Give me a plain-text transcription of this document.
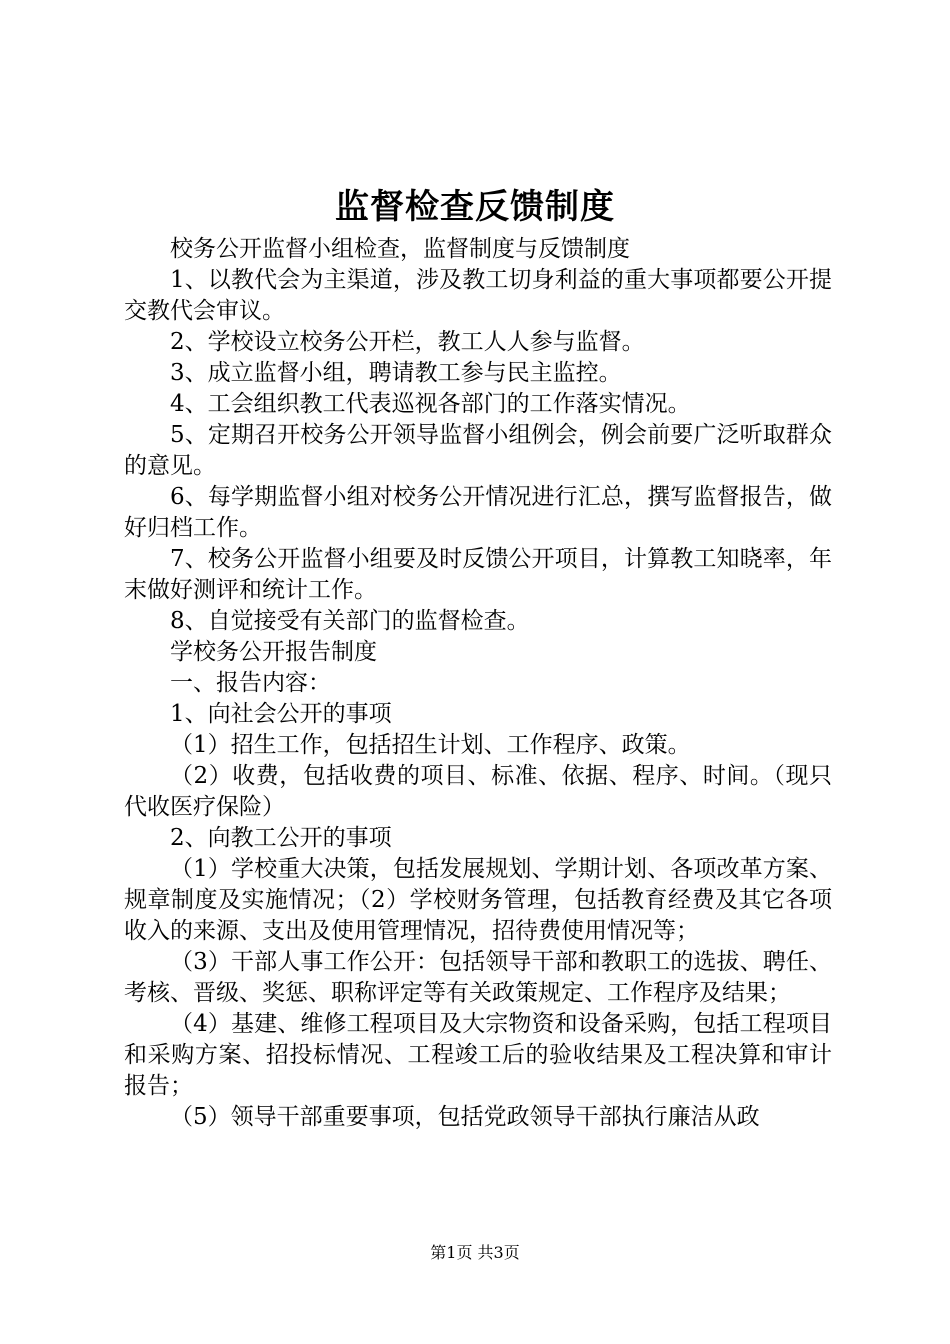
监督检查反馈制度

校务公开监督小组检查，监督制度与反馈制度

1、以教代会为主渠道，涉及教工切身利益的重大事项都要公开提交教代会审议。

2、学校设立校务公开栏，教工人人参与监督。

3、成立监督小组，聘请教工参与民主监控。

4、工会组织教工代表巡视各部门的工作落实情况。

5、定期召开校务公开领导监督小组例会，例会前要广泛听取群众的意见。

6、每学期监督小组对校务公开情况进行汇总，撰写监督报告，做好归档工作。

7、校务公开监督小组要及时反馈公开项目，计算教工知晓率，年末做好测评和统计工作。

8、自觉接受有关部门的监督检查。

学校务公开报告制度

一、报告内容：

1、向社会公开的事项

（1）招生工作，包括招生计划、工作程序、政策。

（2）收费，包括收费的项目、标准、依据、程序、时间。（现只代收医疗保险）

2、向教工公开的事项

（1）学校重大决策，包括发展规划、学期计划、各项改革方案、规章制度及实施情况；（2）学校财务管理，包括教育经费及其它各项收入的来源、支出及使用管理情况，招待费使用情况等；

（3）干部人事工作公开：包括领导干部和教职工的选拔、聘任、考核、晋级、奖惩、职称评定等有关政策规定、工作程序及结果；

（4）基建、维修工程项目及大宗物资和设备采购，包括工程项目和采购方案、招投标情况、工程竣工后的验收结果及工程决算和审计报告；

（5）领导干部重要事项，包括党政领导干部执行廉洁从政

第1页 共3页
